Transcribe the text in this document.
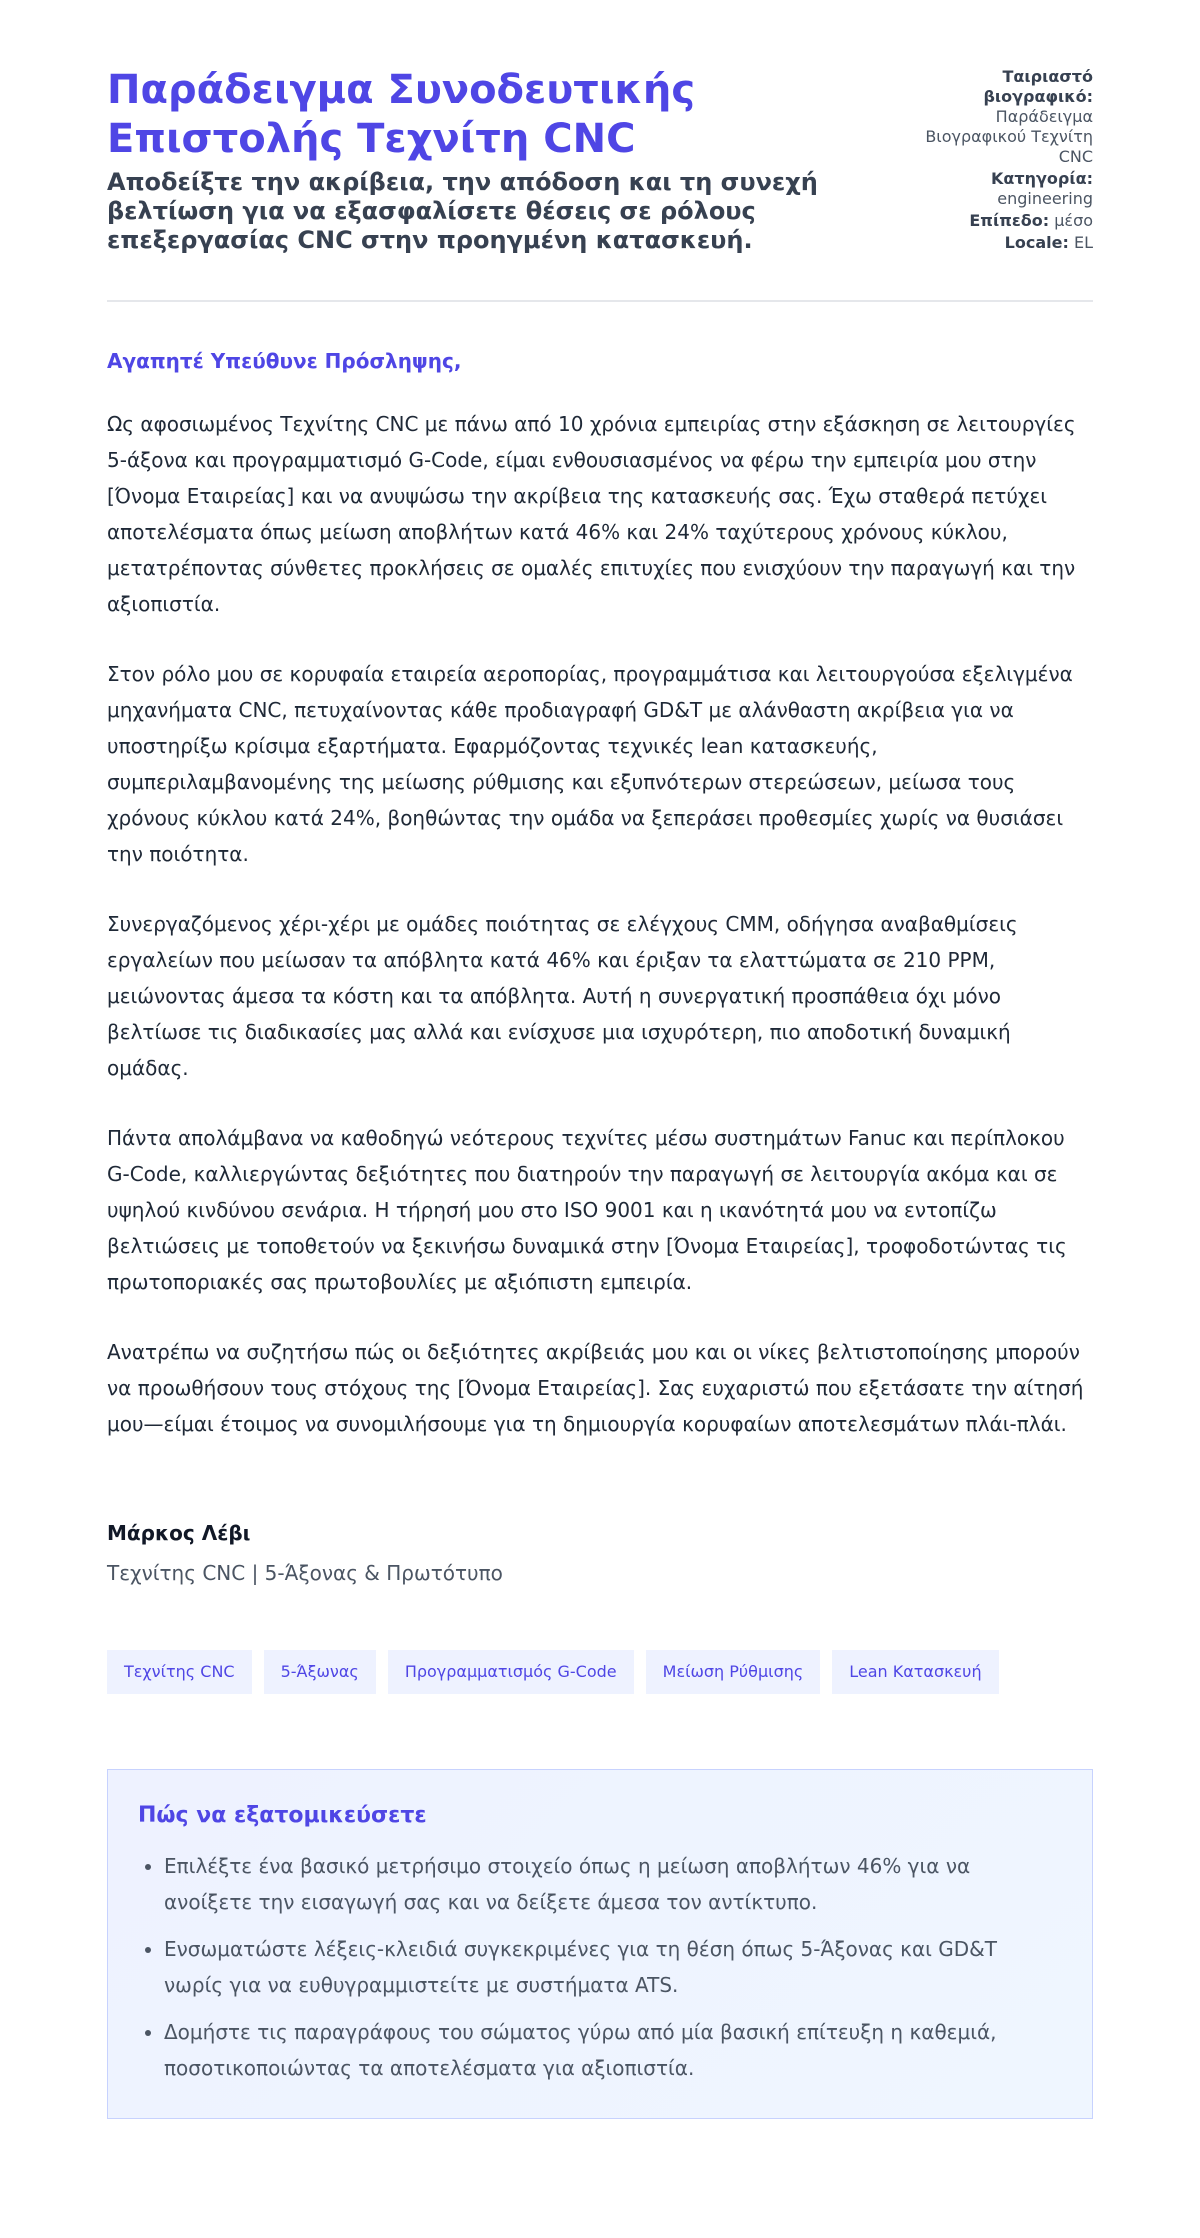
Παράδειγμα Συνοδευτικής Επιστολής Τεχνίτη CNC

Αποδείξτε την ακρίβεια, την απόδοση και τη συνεχή βελτίωση για να εξασφαλίσετε θέσεις σε ρόλους επεξεργασίας CNC στην προηγμένη κατασκευή.

Ταιριαστό βιογραφικό:
Παράδειγμα Βιογραφικού Τεχνίτη CNC
Κατηγορία:
engineering
Επίπεδο: μέσο
Locale: EL
Αγαπητέ Υπεύθυνε Πρόσληψης,
Ως αφοσιωμένος Τεχνίτης CNC με πάνω από 10 χρόνια εμπειρίας στην εξάσκηση σε λειτουργίες 5-άξονα και προγραμματισμό G-Code, είμαι ενθουσιασμένος να φέρω την εμπειρία μου στην [Όνομα Εταιρείας] και να ανυψώσω την ακρίβεια της κατασκευής σας. Έχω σταθερά πετύχει αποτελέσματα όπως μείωση αποβλήτων κατά 46% και 24% ταχύτερους χρόνους κύκλου, μετατρέποντας σύνθετες προκλήσεις σε ομαλές επιτυχίες που ενισχύουν την παραγωγή και την αξιοπιστία.
Στον ρόλο μου σε κορυφαία εταιρεία αεροπορίας, προγραμμάτισα και λειτουργούσα εξελιγμένα μηχανήματα CNC, πετυχαίνοντας κάθε προδιαγραφή GD&T με αλάνθαστη ακρίβεια για να υποστηρίξω κρίσιμα εξαρτήματα. Εφαρμόζοντας τεχνικές lean κατασκευής, συμπεριλαμβανομένης της μείωσης ρύθμισης και εξυπνότερων στερεώσεων, μείωσα τους χρόνους κύκλου κατά 24%, βοηθώντας την ομάδα να ξεπεράσει προθεσμίες χωρίς να θυσιάσει την ποιότητα.
Συνεργαζόμενος χέρι-χέρι με ομάδες ποιότητας σε ελέγχους CMM, οδήγησα αναβαθμίσεις εργαλείων που μείωσαν τα απόβλητα κατά 46% και έριξαν τα ελαττώματα σε 210 PPM, μειώνοντας άμεσα τα κόστη και τα απόβλητα. Αυτή η συνεργατική προσπάθεια όχι μόνο βελτίωσε τις διαδικασίες μας αλλά και ενίσχυσε μια ισχυρότερη, πιο αποδοτική δυναμική ομάδας.
Πάντα απολάμβανα να καθοδηγώ νεότερους τεχνίτες μέσω συστημάτων Fanuc και περίπλοκου G-Code, καλλιεργώντας δεξιότητες που διατηρούν την παραγωγή σε λειτουργία ακόμα και σε υψηλού κινδύνου σενάρια. Η τήρησή μου στο ISO 9001 και η ικανότητά μου να εντοπίζω βελτιώσεις με τοποθετούν να ξεκινήσω δυναμικά στην [Όνομα Εταιρείας], τροφοδοτώντας τις πρωτοποριακές σας πρωτοβουλίες με αξιόπιστη εμπειρία.
Ανατρέπω να συζητήσω πώς οι δεξιότητες ακρίβειάς μου και οι νίκες βελτιστοποίησης μπορούν να προωθήσουν τους στόχους της [Όνομα Εταιρείας]. Σας ευχαριστώ που εξετάσατε την αίτησή μου—είμαι έτοιμος να συνομιλήσουμε για τη δημιουργία κορυφαίων αποτελεσμάτων πλάι-πλάι.
Μάρκος Λέβι
Τεχνίτης CNC | 5-Άξονας & Πρωτότυπο
Τεχνίτης CNC	5-Άξωνας	Προγραμματισμός G-Code	Μείωση Ρύθμισης	Lean Κατασκευή
Πώς να εξατομικεύσετε
• Επιλέξτε ένα βασικό μετρήσιμο στοιχείο όπως η μείωση αποβλήτων 46% για να ανοίξετε την εισαγωγή σας και να δείξετε άμεσα τον αντίκτυπο.
• Ενσωματώστε λέξεις-κλειδιά συγκεκριμένες για τη θέση όπως 5-Άξονας και GD&T νωρίς για να ευθυγραμμιστείτε με συστήματα ATS.
• Δομήστε τις παραγράφους του σώματος γύρω από μία βασική επίτευξη η καθεμιά, ποσοτικοποιώντας τα αποτελέσματα για αξιοπιστία.
